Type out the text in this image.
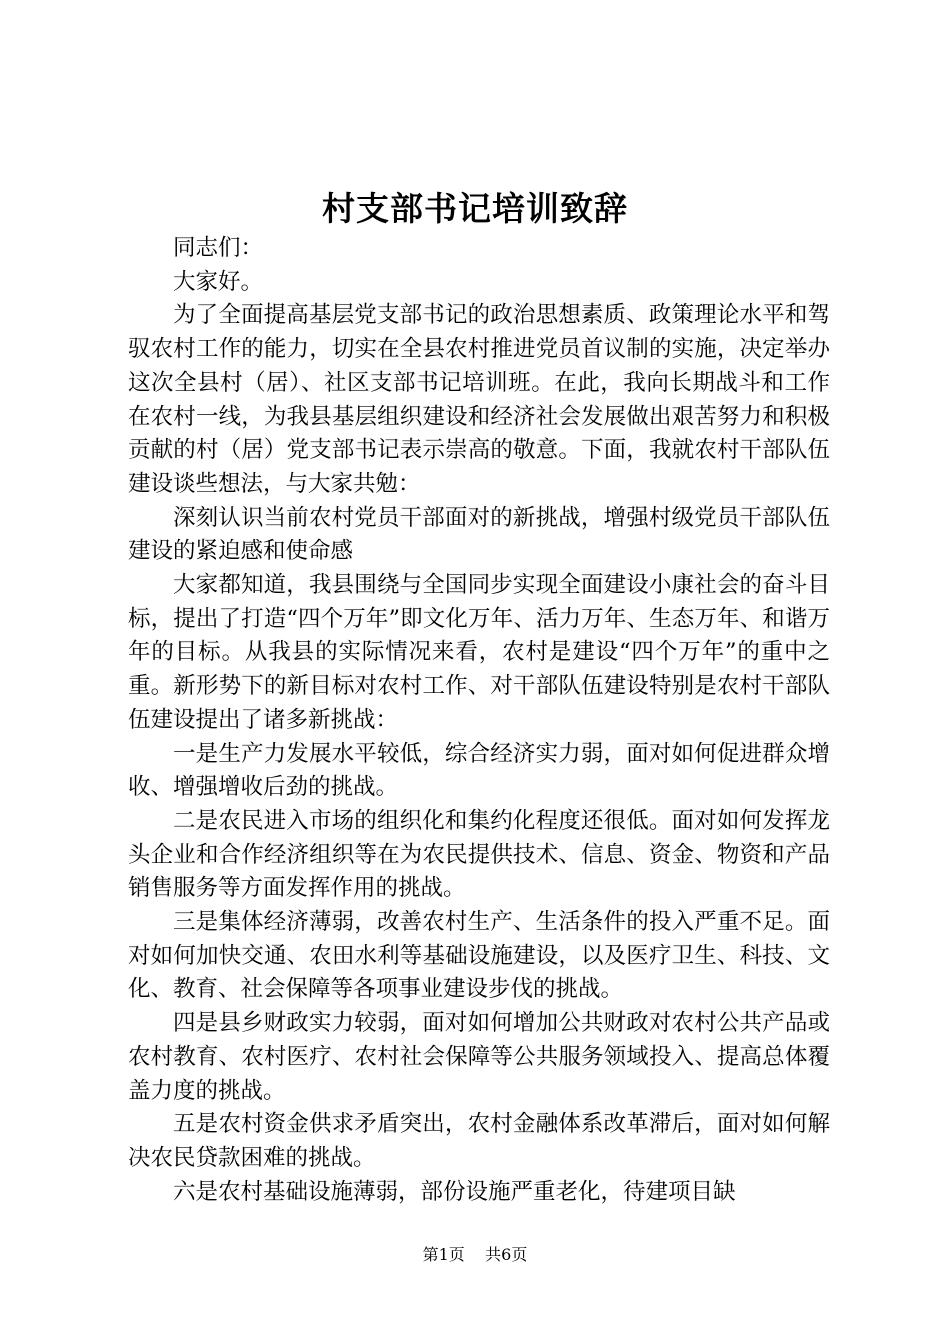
村支部书记培训致辞

同志们：

大家好。

为了全面提高基层党支部书记的政治思想素质、政策理论水平和驾驭农村工作的能力，切实在全县农村推进党员首议制的实施，决定举办这次全县村（居）、社区支部书记培训班。在此，我向长期战斗和工作在农村一线，为我县基层组织建设和经济社会发展做出艰苦努力和积极贡献的村（居）党支部书记表示崇高的敬意。下面，我就农村干部队伍建设谈些想法，与大家共勉：

深刻认识当前农村党员干部面对的新挑战，增强村级党员干部队伍建设的紧迫感和使命感

大家都知道，我县围绕与全国同步实现全面建设小康社会的奋斗目标，提出了打造“四个万年”即文化万年、活力万年、生态万年、和谐万年的目标。从我县的实际情况来看，农村是建设“四个万年”的重中之重。新形势下的新目标对农村工作、对干部队伍建设特别是农村干部队伍建设提出了诸多新挑战：

一是生产力发展水平较低，综合经济实力弱，面对如何促进群众增收、增强增收后劲的挑战。

二是农民进入市场的组织化和集约化程度还很低。面对如何发挥龙头企业和合作经济组织等在为农民提供技术、信息、资金、物资和产品销售服务等方面发挥作用的挑战。

三是集体经济薄弱，改善农村生产、生活条件的投入严重不足。面对如何加快交通、农田水利等基础设施建设，以及医疗卫生、科技、文化、教育、社会保障等各项事业建设步伐的挑战。

四是县乡财政实力较弱，面对如何增加公共财政对农村公共产品或农村教育、农村医疗、农村社会保障等公共服务领域投入、提高总体覆盖力度的挑战。

五是农村资金供求矛盾突出，农村金融体系改革滞后，面对如何解决农民贷款困难的挑战。

六是农村基础设施薄弱，部份设施严重老化，待建项目缺

第1页 共6页
